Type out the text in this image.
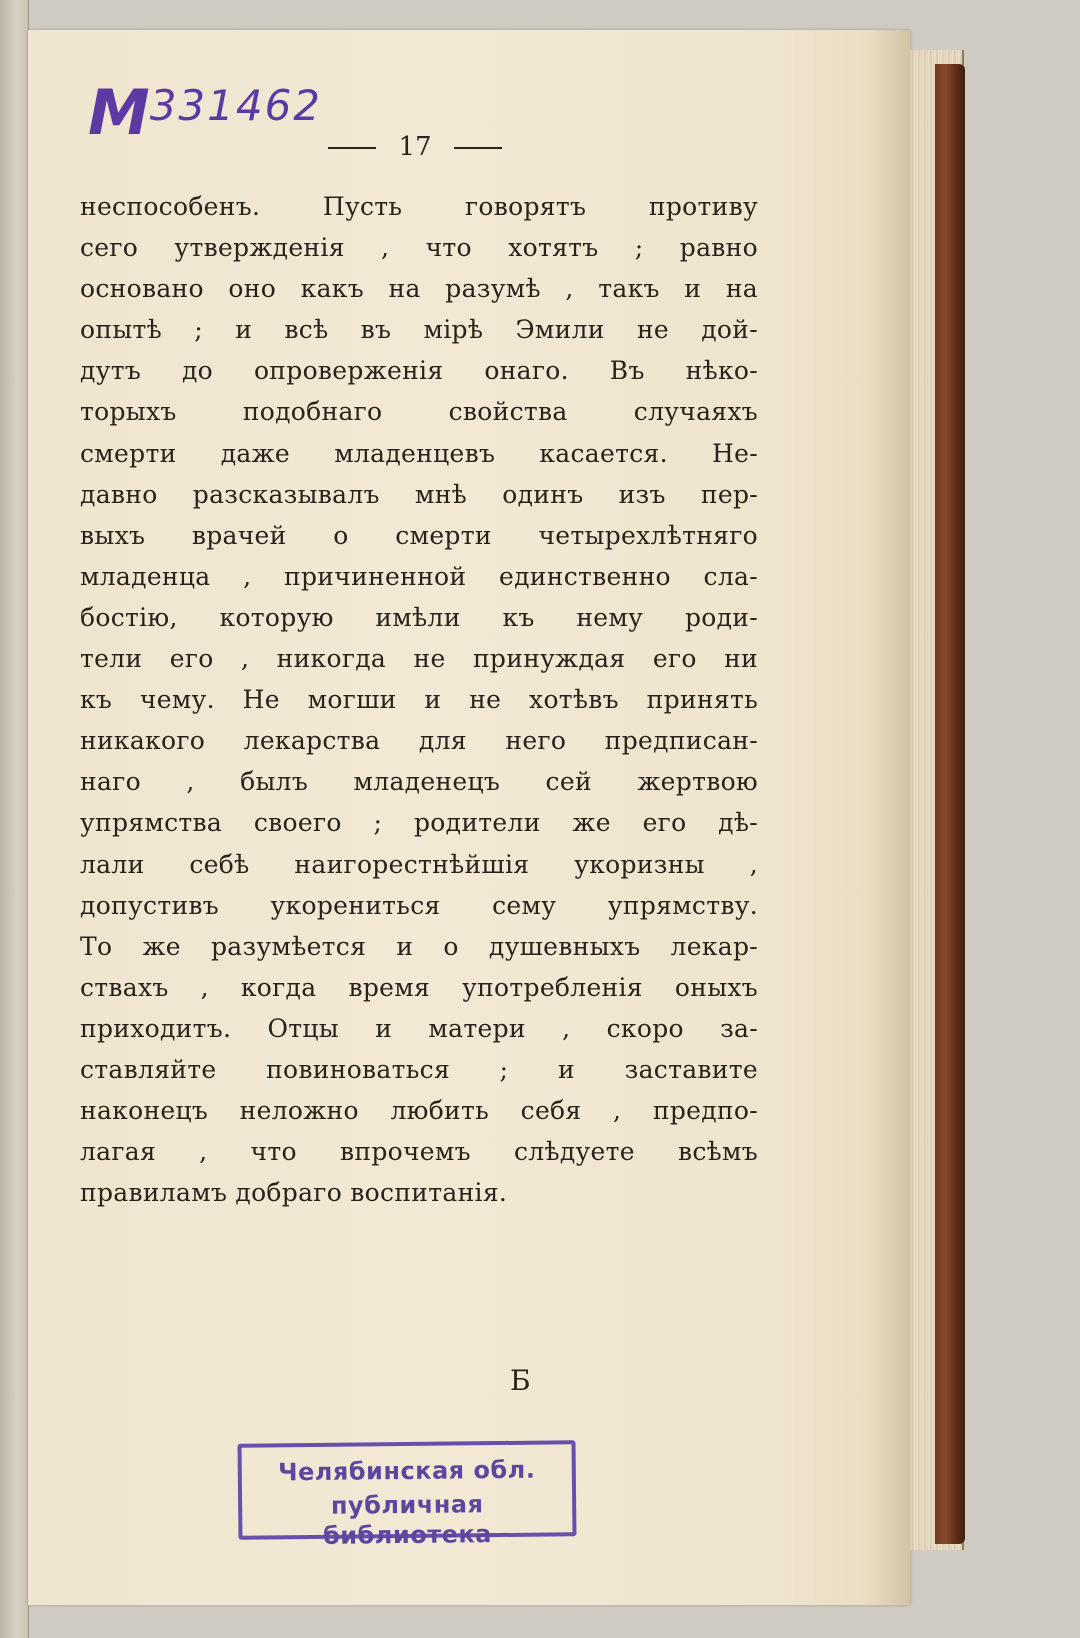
M331462
17
неспособенъ. Пусть говорятъ противу
сего утвержденія , что хотятъ ; равно
основано оно какъ на разумѣ , такъ и на
опытѣ ; и всѣ въ мірѣ Эмили не дой-
дутъ до опроверженія онаго. Въ нѣко-
торыхъ подобнаго свойства случаяхъ
смерти даже младенцевъ касается. Не-
давно разсказывалъ мнѣ одинъ изъ пер-
выхъ врачей о смерти четырехлѣтняго
младенца , причиненной единственно сла-
бостію, которую имѣли къ нему роди-
тели его , никогда не принуждая его ни
къ чему. Не могши и не хотѣвъ принять
никакого лекарства для него предписан-
наго , былъ младенецъ сей жертвою
упрямства своего ; родители же его дѣ-
лали себѣ наигорестнѣйшія укоризны ,
допустивъ укорениться сему упрямству.
То же разумѣется и о душевныхъ лекар-
ствахъ , когда время употребленія оныхъ
приходитъ. Отцы и матери , скоро за-
ставляйте повиноваться ; и заставите
наконецъ неложно любить себя , предпо-
лагая , что впрочемъ слѣдуете всѣмъ
правиламъ добраго воспитанія.
Б
Челябинская обл.
публичная библиотека
